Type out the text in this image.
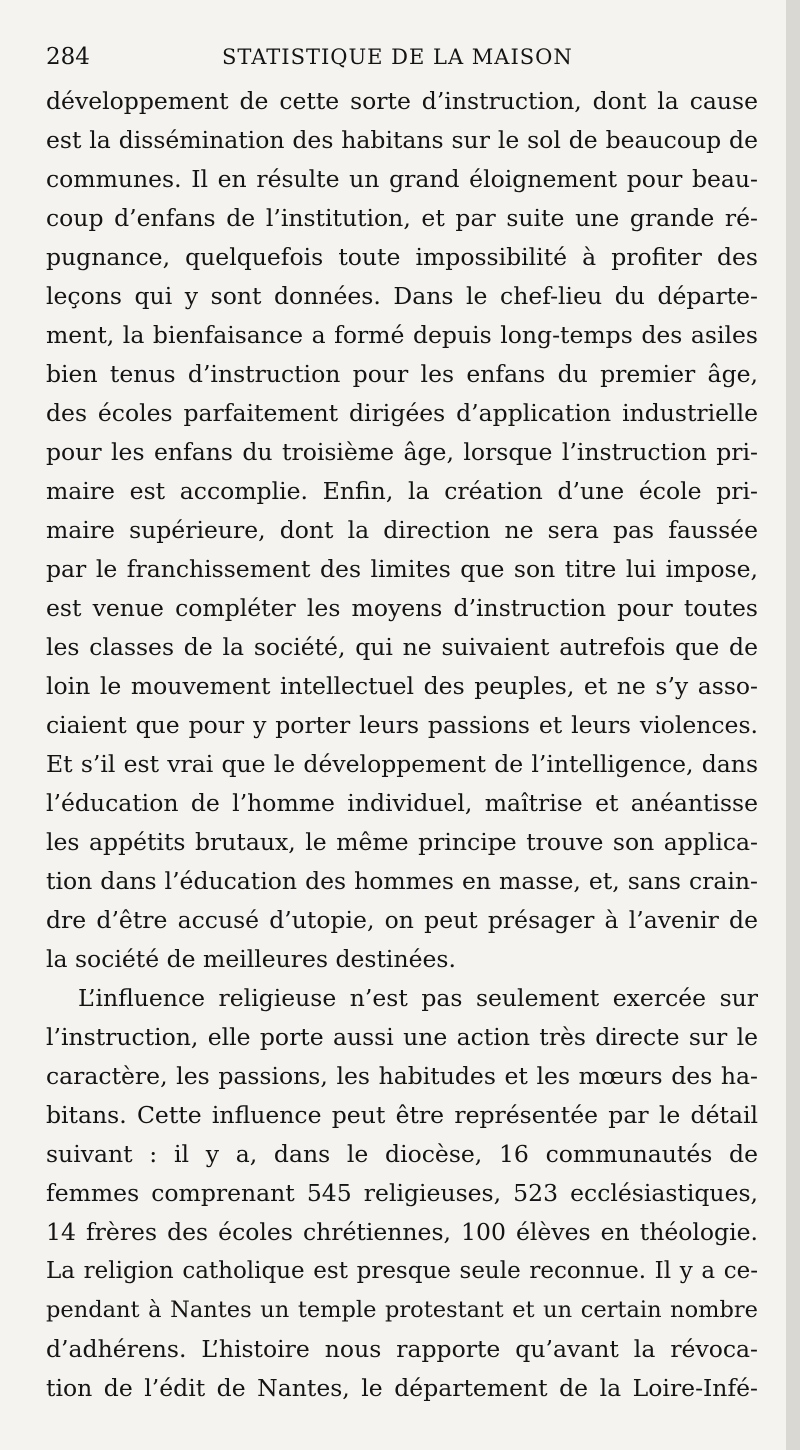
284	STATISTIQUE DE LA MAISON
développement de cette sorte d’instruction, dont la cause
est la dissémination des habitans sur le sol de beaucoup de
communes. Il en résulte un grand éloignement pour beau-
coup d’enfans de l’institution, et par suite une grande ré-
pugnance, quelquefois toute impossibilité à profiter des
leçons qui y sont données. Dans le chef-lieu du départe-
ment, la bienfaisance a formé depuis long-temps des asiles
bien tenus d’instruction pour les enfans du premier âge,
des écoles parfaitement dirigées d’application industrielle
pour les enfans du troisième âge, lorsque l’instruction pri-
maire est accomplie. Enfin, la création d’une école pri-
maire supérieure, dont la direction ne sera pas faussée
par le franchissement des limites que son titre lui impose,
est venue compléter les moyens d’instruction pour toutes
les classes de la société, qui ne suivaient autrefois que de
loin le mouvement intellectuel des peuples, et ne s’y asso-
ciaient que pour y porter leurs passions et leurs violences.
Et s’il est vrai que le développement de l’intelligence, dans
l’éducation de l’homme individuel, maîtrise et anéantisse
les appétits brutaux, le même principe trouve son applica-
tion dans l’éducation des hommes en masse, et, sans crain-
dre d’être accusé d’utopie, on peut présager à l’avenir de
la société de meilleures destinées.
L’influence religieuse n’est pas seulement exercée sur
l’instruction, elle porte aussi une action très directe sur le
caractère, les passions, les habitudes et les mœurs des ha-
bitans. Cette influence peut être représentée par le détail
suivant : il y a, dans le diocèse, 16 communautés de
femmes comprenant 545 religieuses, 523 ecclésiastiques,
14 frères des écoles chrétiennes, 100 élèves en théologie.
La religion catholique est presque seule reconnue. Il y a ce-
pendant à Nantes un temple protestant et un certain nombre
d’adhérens. L’histoire nous rapporte qu’avant la révoca-
tion de l’édit de Nantes, le département de la Loire-Infé-
